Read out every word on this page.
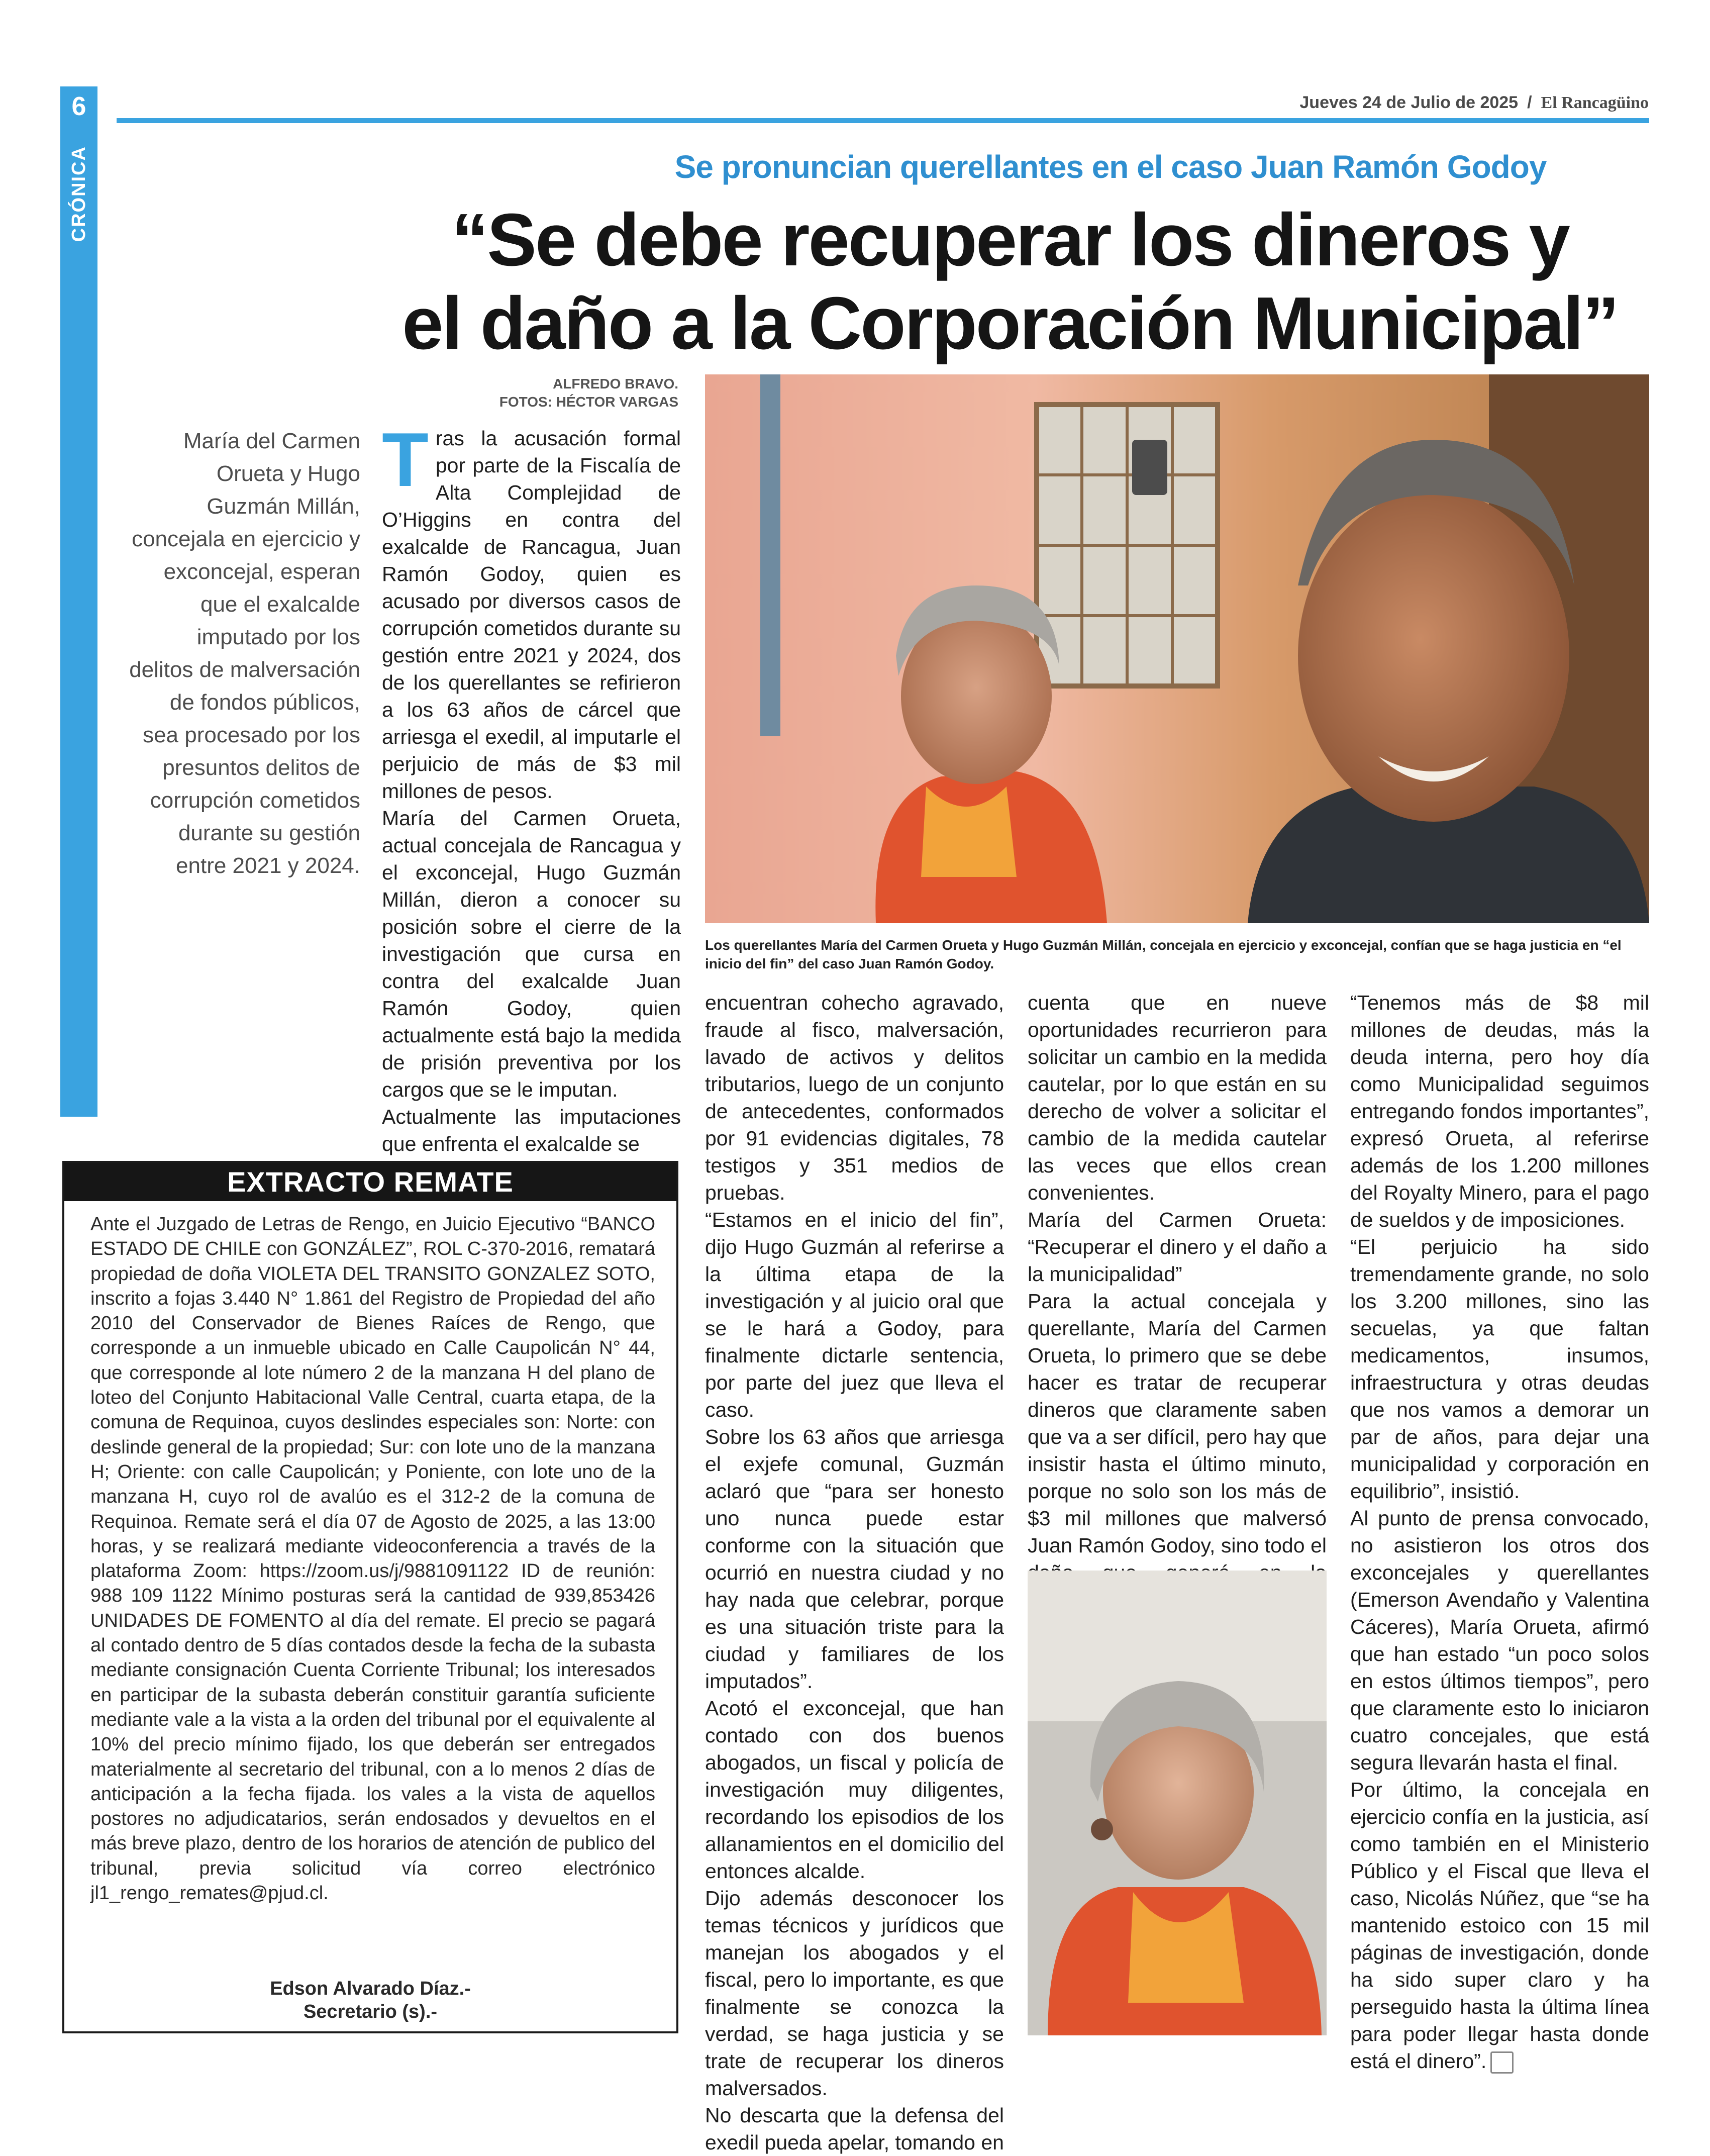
6
CRÓNICA
Jueves 24 de Julio de 2025 / El Rancagüino
Se pronuncian querellantes en el caso Juan Ramón Godoy
“Se debe recuperar los dineros y
el daño a la Corporación Municipal”
ALFREDO BRAVO.
FOTOS: HÉCTOR VARGAS
María del Carmen Orueta y Hugo Guzmán Millán, concejala en ejercicio y exconcejal, esperan que el exalcalde imputado por los delitos de malversación de fondos públicos, sea procesado por los presuntos delitos de corrupción cometidos durante su gestión entre 2021 y 2024.

Tras la acusación formal por parte de la Fiscalía de Alta Complejidad de O’Higgins en contra del exalcalde de Rancagua, Juan Ramón Godoy, quien es acusado por diversos casos de corrupción cometidos durante su gestión entre 2021 y 2024, dos de los querellantes se refirieron a los 63 años de cárcel que arriesga el exedil, al imputarle el perjuicio de más de $3 mil millones de pesos.

María del Carmen Orueta, actual concejala de Rancagua y el exconcejal, Hugo Guzmán Millán, dieron a conocer su posición sobre el cierre de la investigación que cursa en contra del exalcalde Juan Ramón Godoy, quien actualmente está bajo la medida de prisión preventiva por los cargos que se le imputan.

Actualmente las imputaciones que enfrenta el exalcalde se

Los querellantes María del Carmen Orueta y Hugo Guzmán Millán, concejala en ejercicio y exconcejal, confían que se haga justicia en “el inicio del fin” del caso Juan Ramón Godoy.

encuentran cohecho agravado, fraude al fisco, malversación, lavado de activos y delitos tributarios, luego de un conjunto de antecedentes, conformados por 91 evidencias digitales, 78 testigos y 351 medios de pruebas.

“Estamos en el inicio del fin”, dijo Hugo Guzmán al referirse a la última etapa de la investigación y al juicio oral que se le hará a Godoy, para finalmente dictarle sentencia, por parte del juez que lleva el caso.

Sobre los 63 años que arriesga el exjefe comunal, Guzmán aclaró que “para ser honesto uno nunca puede estar conforme con la situación que ocurrió en nuestra ciudad y no hay nada que celebrar, porque es una situación triste para la ciudad y familiares de los imputados”.

Acotó el exconcejal, que han contado con dos buenos abogados, un fiscal y policía de investigación muy diligentes, recordando los episodios de los allanamientos en el domicilio del entonces alcalde.

Dijo además desconocer los temas técnicos y jurídicos que manejan los abogados y el fiscal, pero lo importante, es que finalmente se conozca la verdad, se haga justicia y se trate de recuperar los dineros malversados.

No descarta que la defensa del exedil pueda apelar, tomando en

cuenta que en nueve oportunidades recurrieron para solicitar un cambio en la medida cautelar, por lo que están en su derecho de volver a solicitar el cambio de la medida cautelar las veces que ellos crean convenientes.

María del Carmen Orueta: “Recuperar el dinero y el daño a la municipalidad”

Para la actual concejala y querellante, María del Carmen Orueta, lo primero que se debe hacer es tratar de recuperar dineros que claramente saben que va a ser difícil, pero hay que insistir hasta el último minuto, porque no solo son los más de $3 mil millones que malversó Juan Ramón Godoy, sino todo el

“Tenemos más de $8 mil millones de deudas, más la deuda interna, pero hoy día como Municipalidad seguimos entregando fondos importantes”, expresó Orueta, al referirse además de los 1.200 millones del Royalty Minero, para el pago de sueldos y de imposiciones.

“El perjuicio ha sido tremendamente grande, no solo los 3.200 millones, sino las secuelas, ya que faltan medicamentos, insumos, infraestructura y otras deudas que nos vamos a demorar un par de años, para dejar una municipalidad y corporación en equilibrio”, insistió.

Al punto de prensa convocado, no asistieron los otros dos exconcejales y querellantes (Emerson Avendaño y Valentina Cáceres), María Orueta, afirmó que han estado “un poco solos en estos últimos tiempos”, pero que claramente esto lo iniciaron cuatro concejales, que está segura llevarán hasta el final.

Por último, la concejala en ejercicio confía en la justicia, así como también en el Ministerio Público y el Fiscal que lleva el caso, Nicolás Núñez, que “se ha mantenido estoico con 15 mil páginas de investigación, donde ha sido super claro y ha perseguido hasta la última línea para poder llegar hasta donde está el dinero”.

EXTRACTO REMATE
Ante el Juzgado de Letras de Rengo, en Juicio Ejecutivo “BANCO ESTADO DE CHILE con GONZÁLEZ”, ROL C-370-2016, rematará propiedad de doña VIOLETA DEL TRANSITO GONZALEZ SOTO, inscrito a fojas 3.440 N° 1.861 del Registro de Propiedad del año 2010 del Conservador de Bienes Raíces de Rengo, que corresponde a un inmueble ubicado en Calle Caupolicán N° 44, que corresponde al lote número 2 de la manzana H del plano de loteo del Conjunto Habitacional Valle Central, cuarta etapa, de la comuna de Requinoa, cuyos deslindes especiales son: Norte: con deslinde general de la propiedad; Sur: con lote uno de la manzana H; Oriente: con calle Caupolicán; y Poniente, con lote uno de la manzana H, cuyo rol de avalúo es el 312-2 de la comuna de Requinoa. Remate será el día 07 de Agosto de 2025, a las 13:00 horas, y se realizará mediante videoconferencia a través de la plataforma Zoom: https://zoom.us/j/9881091122 ID de reunión: 988 109 1122 Mínimo posturas será la cantidad de 939,853426 UNIDADES DE FOMENTO al día del remate. El precio se pagará al contado dentro de 5 días contados desde la fecha de la subasta mediante consignación Cuenta Corriente Tribunal; los interesados en participar de la subasta deberán constituir garantía suficiente mediante vale a la vista a la orden del tribunal por el equivalente al 10% del precio mínimo fijado, los que deberán ser entregados materialmente al secretario del tribunal, con a lo menos 2 días de anticipación a la fecha fijada. los vales a la vista de aquellos postores no adjudicatarios, serán endosados y devueltos en el más breve plazo, dentro de los horarios de atención de publico del tribunal, previa solicitud vía correo electrónico jl1_rengo_remates@pjud.cl.
Edson Alvarado Díaz.-
Secretario (s).-
